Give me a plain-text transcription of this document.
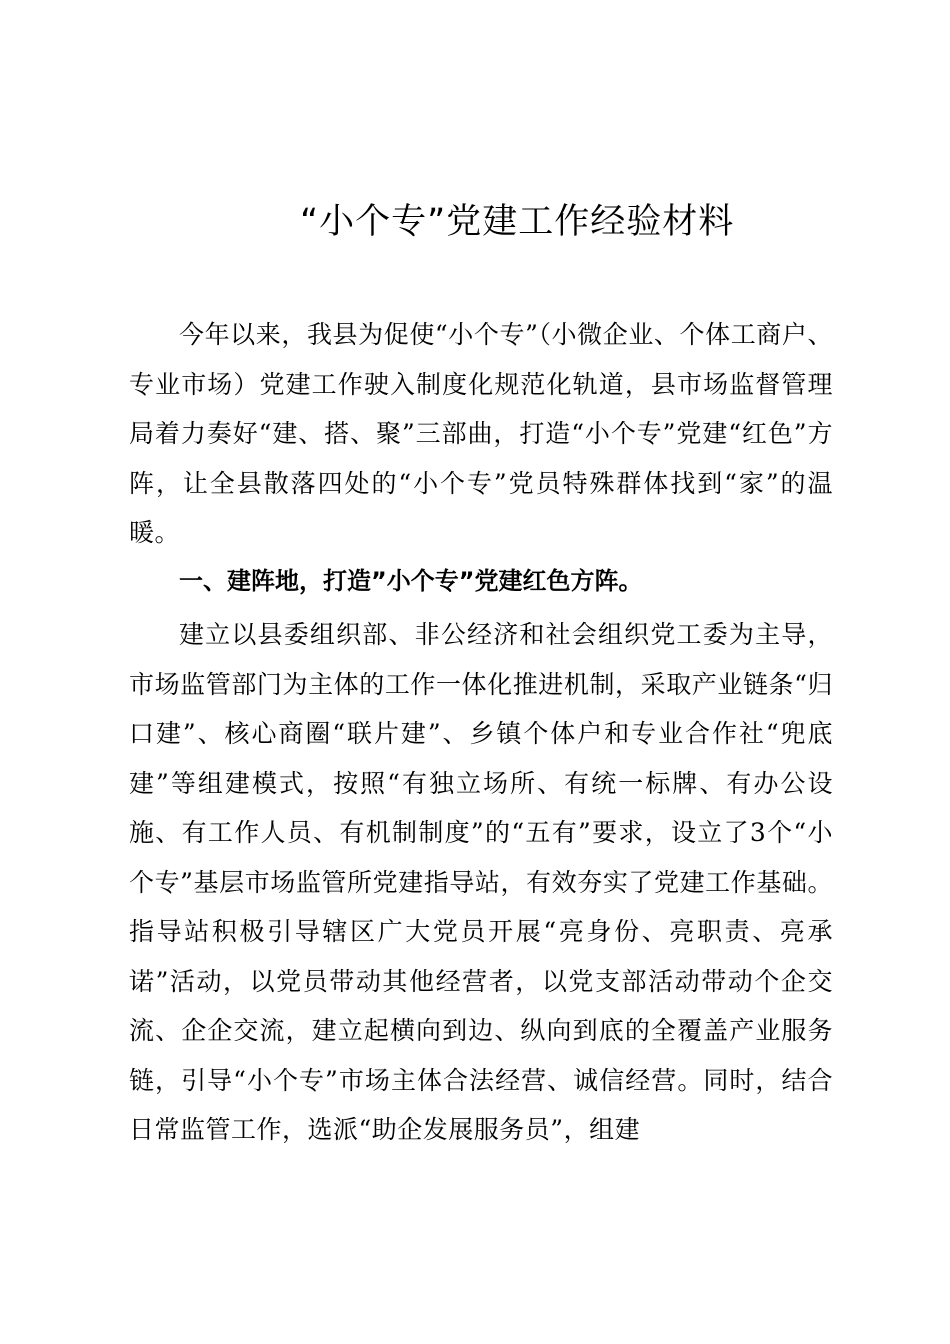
“小个专”党建工作经验材料
今年以来，我县为促使“小个专”（小微企业、个体工商户、专业市场）党建工作驶入制度化规范化轨道，县市场监督管理局着力奏好“建、搭、聚”三部曲，打造“小个专”党建“红色”方阵，让全县散落四处的“小个专”党员特殊群体找到“家”的温暖。
一、建阵地，打造”小个专”党建红色方阵。
建立以县委组织部、非公经济和社会组织党工委为主导，市场监管部门为主体的工作一体化推进机制，采取产业链条“归口建”、核心商圈“联片建”、乡镇个体户和专业合作社“兜底建”等组建模式，按照“有独立场所、有统一标牌、有办公设施、有工作人员、有机制制度”的“五有”要求，设立了3个“小个专”基层市场监管所党建指导站，有效夯实了党建工作基础。指导站积极引导辖区广大党员开展“亮身份、亮职责、亮承诺”活动，以党员带动其他经营者，以党支部活动带动个企交流、企企交流，建立起横向到边、纵向到底的全覆盖产业服务链，引导“小个专”市场主体合法经营、诚信经营。同时，结合日常监管工作，选派“助企发展服务员”，组建
